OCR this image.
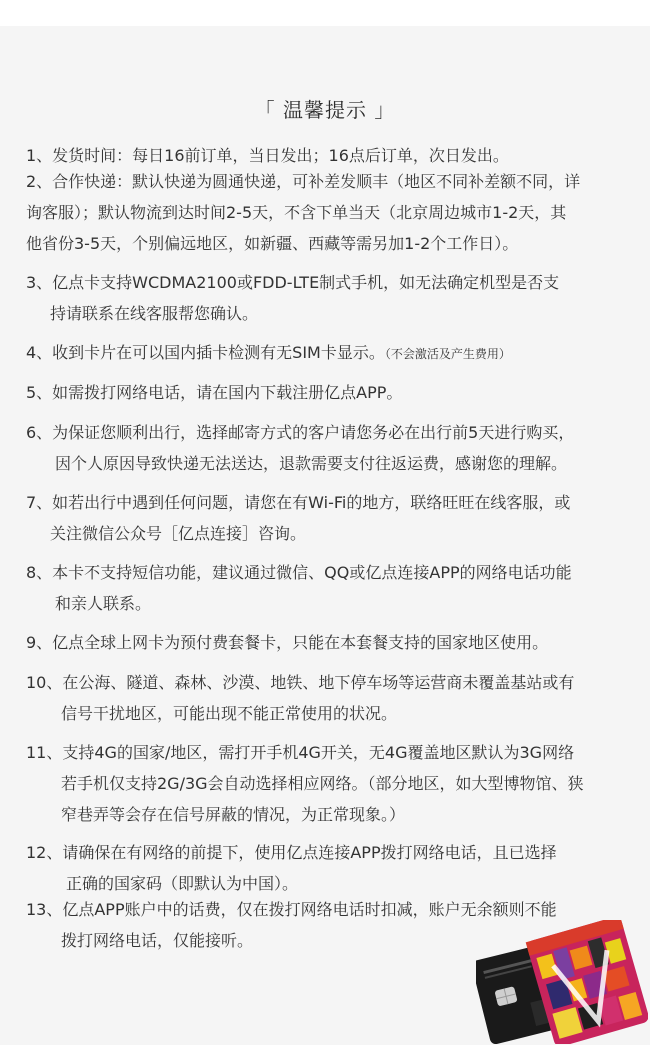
「 温馨提示 」
1、发货时间：每日16前订单，当日发出；16点后订单，次日发出。
2、合作快递：默认快递为圆通快递，可补差发顺丰（地区不同补差额不同，详
询客服）；默认物流到达时间2-5天，不含下单当天（北京周边城市1-2天，其
他省份3-5天，个别偏远地区，如新疆、西藏等需另加1-2个工作日）。
3、亿点卡支持WCDMA2100或FDD-LTE制式手机，如无法确定机型是否支
持请联系在线客服帮您确认。
4、收到卡片在可以国内插卡检测有无SIM卡显示。（不会激活及产生费用）
5、如需拨打网络电话，请在国内下载注册亿点APP。
6、为保证您顺利出行，选择邮寄方式的客户请您务必在出行前5天进行购买，
因个人原因导致快递无法送达，退款需要支付往返运费，感谢您的理解。
7、如若出行中遇到任何问题，请您在有Wi-Fi的地方，联络旺旺在线客服，或
关注微信公众号［亿点连接］咨询。
8、本卡不支持短信功能，建议通过微信、QQ或亿点连接APP的网络电话功能
和亲人联系。
9、亿点全球上网卡为预付费套餐卡，只能在本套餐支持的国家地区使用。
10、在公海、隧道、森林、沙漠、地铁、地下停车场等运营商未覆盖基站或有
信号干扰地区，可能出现不能正常使用的状况。
11、支持4G的国家/地区，需打开手机4G开关，无4G覆盖地区默认为3G网络
若手机仅支持2G/3G会自动选择相应网络。（部分地区，如大型博物馆、狭
窄巷弄等会存在信号屏蔽的情况，为正常现象。）
12、请确保在有网络的前提下，使用亿点连接APP拨打网络电话，且已选择
正确的国家码（即默认为中国）。
13、亿点APP账户中的话费，仅在拨打网络电话时扣减，账户无余额则不能
拨打网络电话，仅能接听。
